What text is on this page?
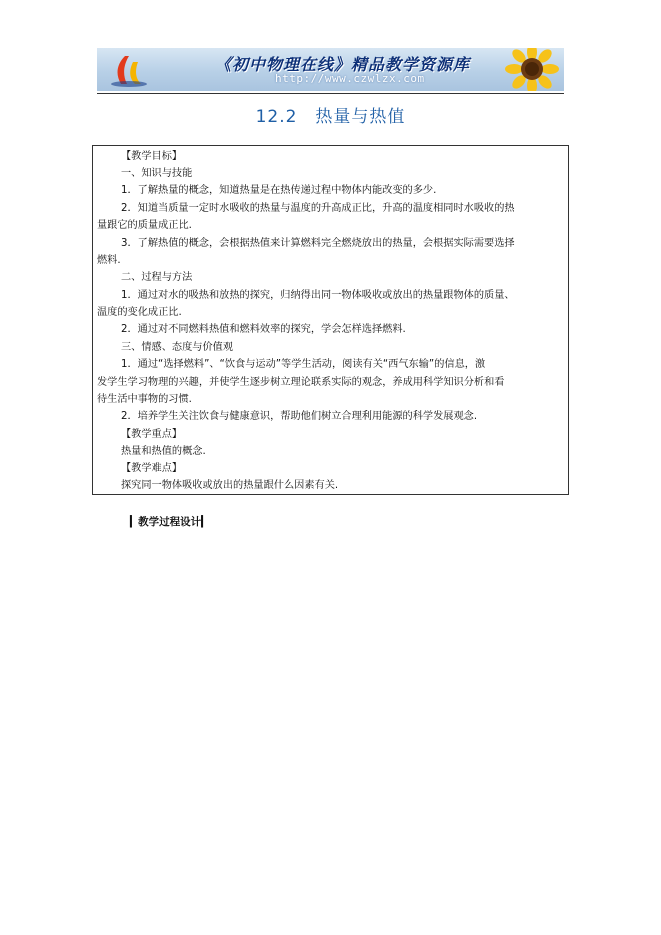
《初中物理在线》精品教学资源库
http://www.czwlzx.com
12.2　热量与热值
【教学目标】
一、知识与技能
1．了解热量的概念，知道热量是在热传递过程中物体内能改变的多少.
2．知道当质量一定时水吸收的热量与温度的升高成正比，升高的温度相同时水吸收的热
量跟它的质量成正比.
3．了解热值的概念，会根据热值来计算燃料完全燃烧放出的热量，会根据实际需要选择
燃料.
二、过程与方法
1．通过对水的吸热和放热的探究，归纳得出同一物体吸收或放出的热量跟物体的质量、
温度的变化成正比.
2．通过对不同燃料热值和燃料效率的探究，学会怎样选择燃料.
三、情感、态度与价值观
1．通过“选择燃料”、“饮食与运动”等学生活动，阅读有关“西气东输”的信息，激
发学生学习物理的兴趣，并使学生逐步树立理论联系实际的观念，养成用科学知识分析和看
待生活中事物的习惯.
2．培养学生关注饮食与健康意识，帮助他们树立合理利用能源的科学发展观念.
【教学重点】
热量和热值的概念.
【教学难点】
探究同一物体吸收或放出的热量跟什么因素有关.
▎教学过程设计▎
